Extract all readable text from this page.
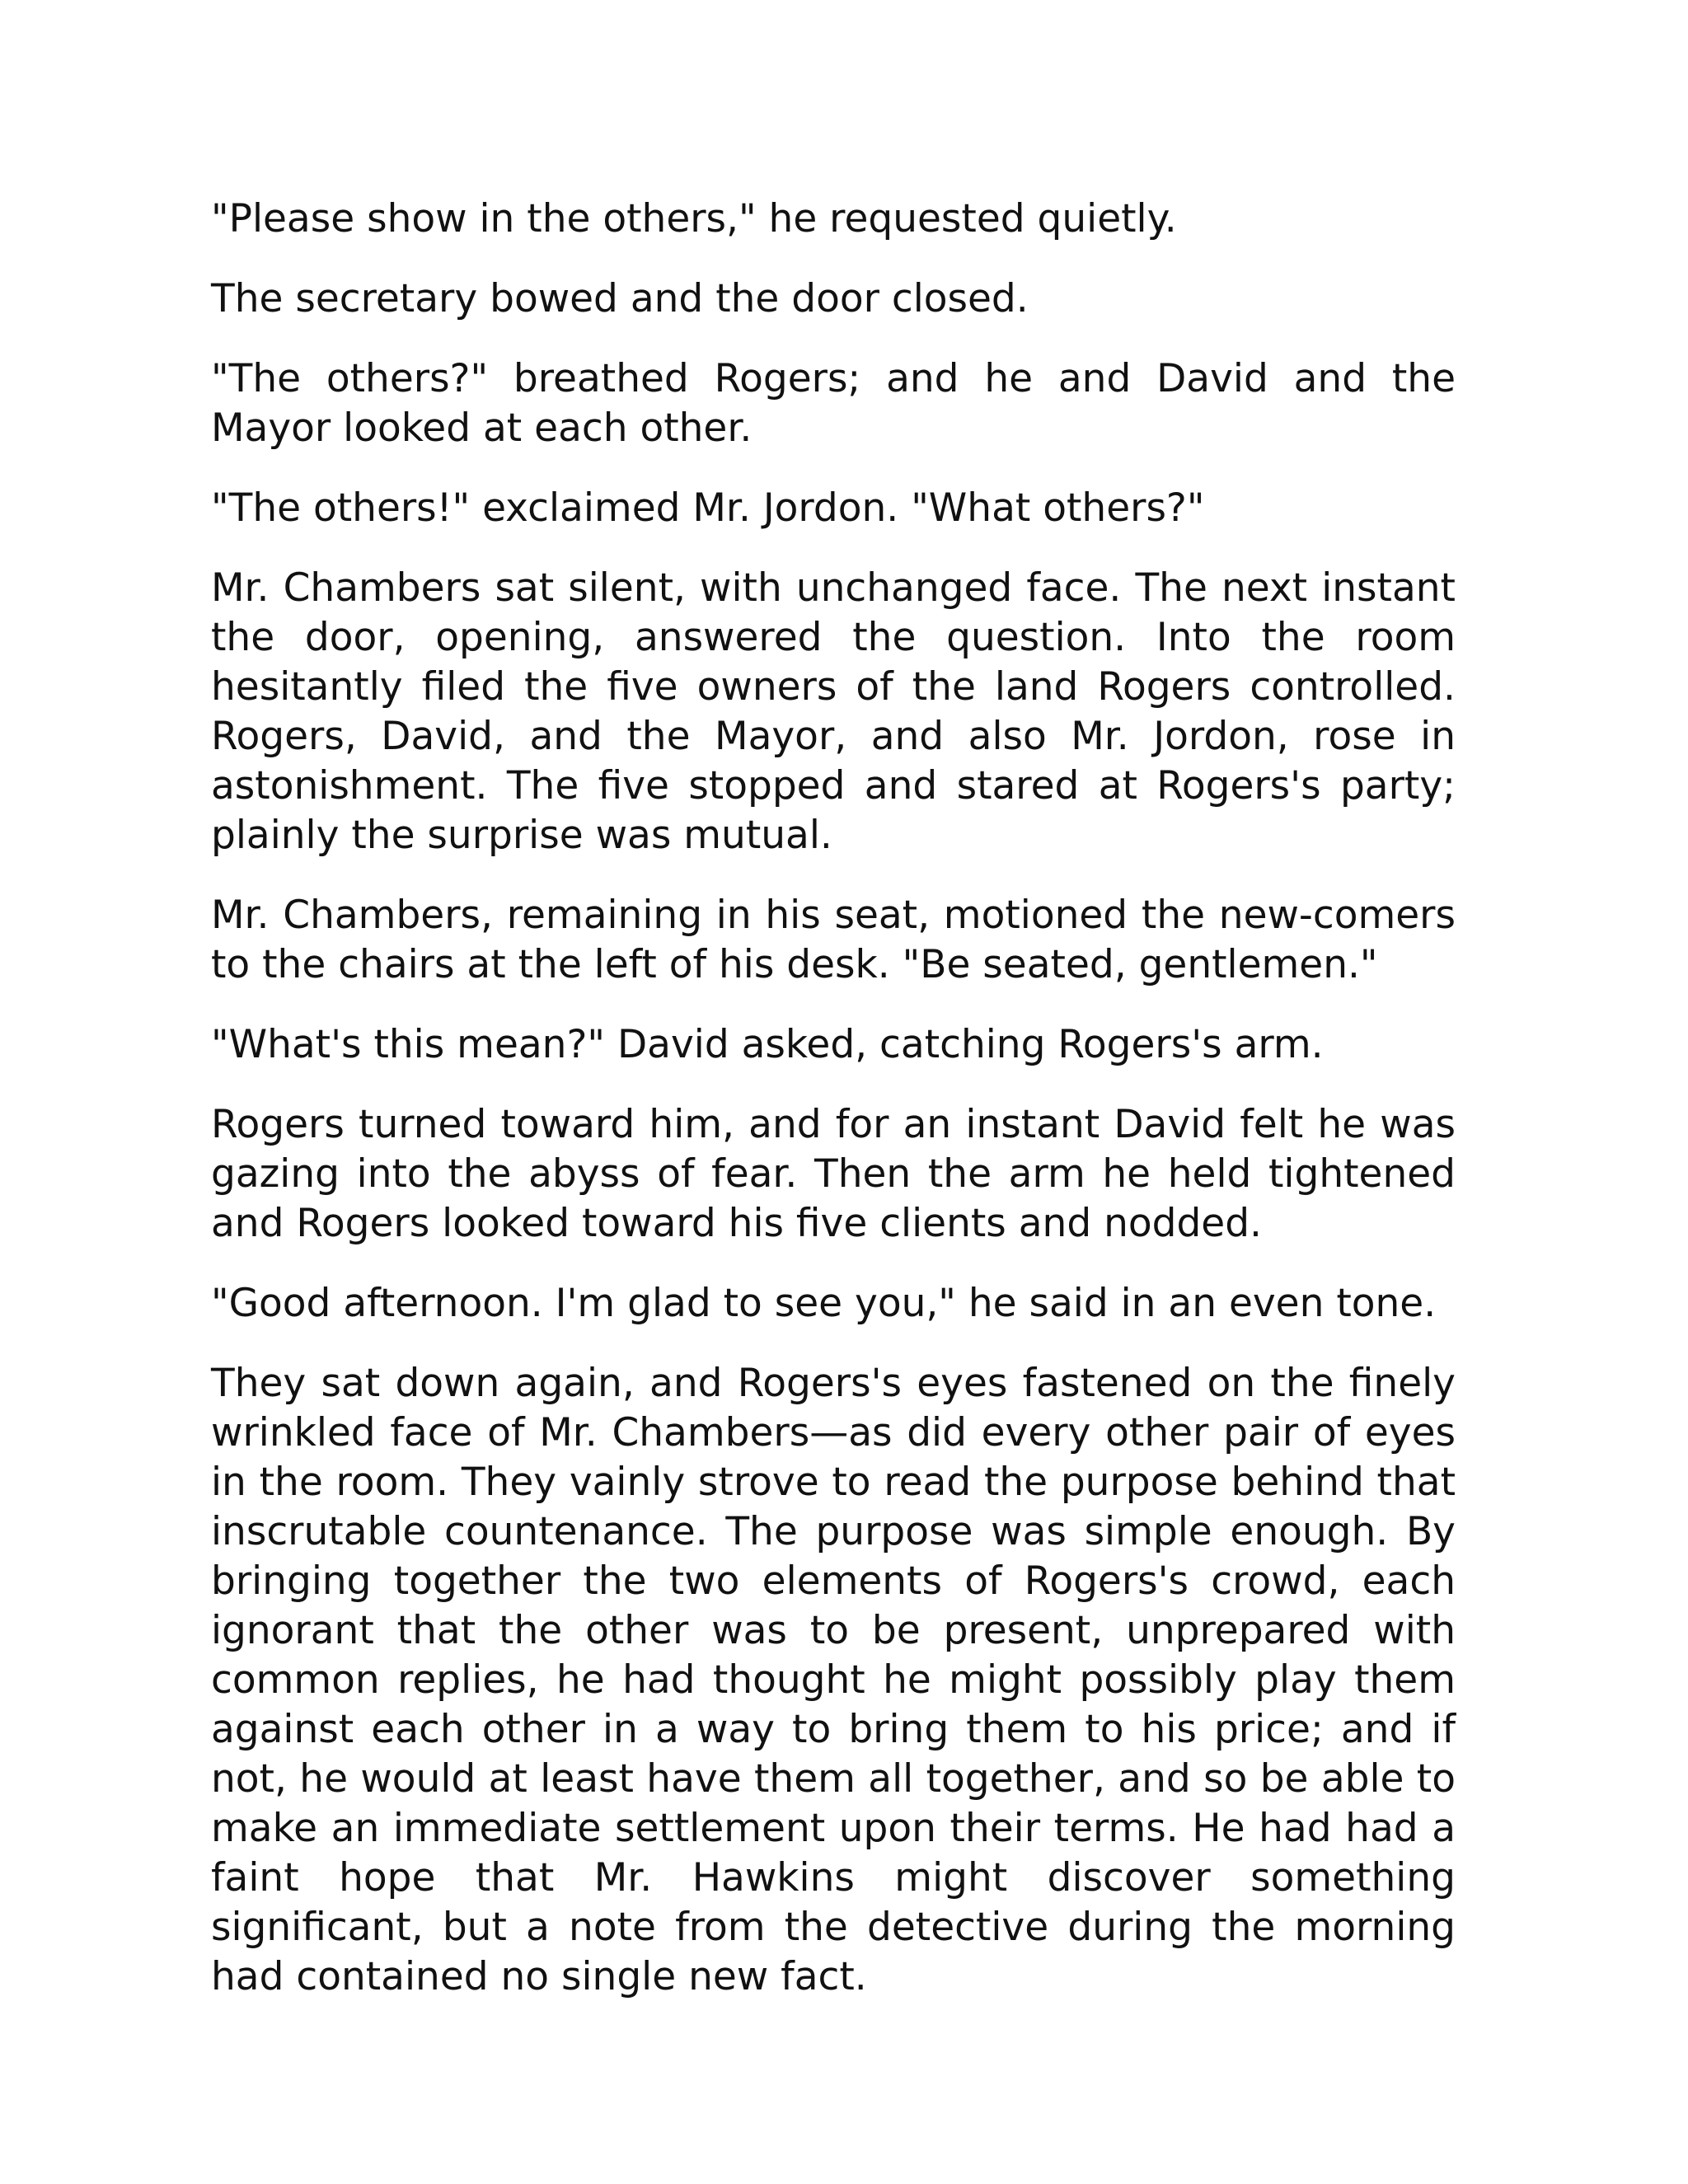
"Please show in the others," he requested quietly.

The secretary bowed and the door closed.

"The others?" breathed Rogers; and he and David and the Mayor looked at each other.

"The others!" exclaimed Mr. Jordon. "What others?"

Mr. Chambers sat silent, with unchanged face. The next instant the door, opening, answered the question. Into the room hesitantly filed the five owners of the land Rogers controlled. Rogers, David, and the Mayor, and also Mr. Jordon, rose in astonishment. The five stopped and stared at Rogers's party; plainly the surprise was mutual.

Mr. Chambers, remaining in his seat, motioned the new-comers to the chairs at the left of his desk. "Be seated, gentlemen."

"What's this mean?" David asked, catching Rogers's arm.

Rogers turned toward him, and for an instant David felt he was gazing into the abyss of fear. Then the arm he held tightened and Rogers looked toward his five clients and nodded.

"Good afternoon. I'm glad to see you," he said in an even tone.

They sat down again, and Rogers's eyes fastened on the finely wrinkled face of Mr. Chambers—as did every other pair of eyes in the room. They vainly strove to read the purpose behind that inscrutable countenance. The purpose was simple enough. By bringing together the two elements of Rogers's crowd, each ignorant that the other was to be present, unprepared with common replies, he had thought he might possibly play them against each other in a way to bring them to his price; and if not, he would at least have them all together, and so be able to make an immediate settlement upon their terms. He had had a faint hope that Mr. Hawkins might discover something significant, but a note from the detective during the morning had contained no single new fact.
